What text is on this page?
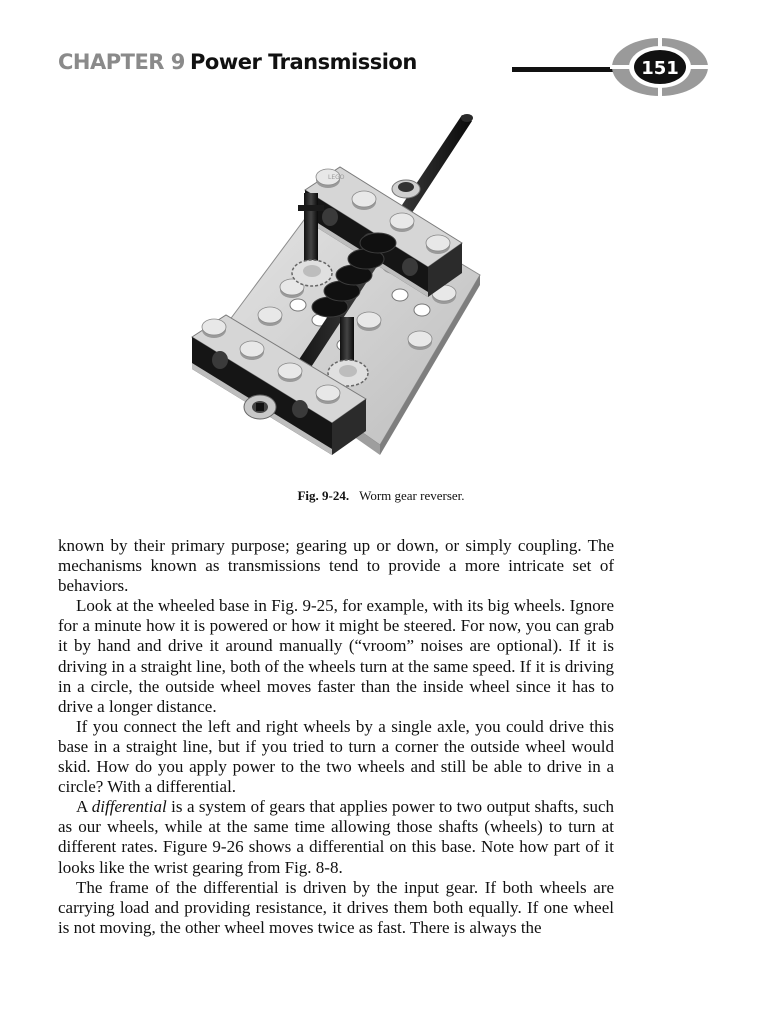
CHAPTER 9 Power Transmission	151
LEGO
Fig. 9-24. Worm gear reverser.

known by their primary purpose; gearing up or down, or simply coupling. The mechanisms known as transmissions tend to provide a more intricate set of behaviors.

Look at the wheeled base in Fig. 9-25, for example, with its big wheels. Ignore for a minute how it is powered or how it might be steered. For now, you can grab it by hand and drive it around manually (“vroom” noises are optional). If it is driving in a straight line, both of the wheels turn at the same speed. If it is driving in a circle, the outside wheel moves faster than the inside wheel since it has to drive a longer distance.

If you connect the left and right wheels by a single axle, you could drive this base in a straight line, but if you tried to turn a corner the outside wheel would skid. How do you apply power to the two wheels and still be able to drive in a circle? With a differential.

A differential is a system of gears that applies power to two output shafts, such as our wheels, while at the same time allowing those shafts (wheels) to turn at different rates. Figure 9-26 shows a differential on this base. Note how part of it looks like the wrist gearing from Fig. 8-8.

The frame of the differential is driven by the input gear. If both wheels are carrying load and providing resistance, it drives them both equally. If one wheel is not moving, the other wheel moves twice as fast. There is always the
